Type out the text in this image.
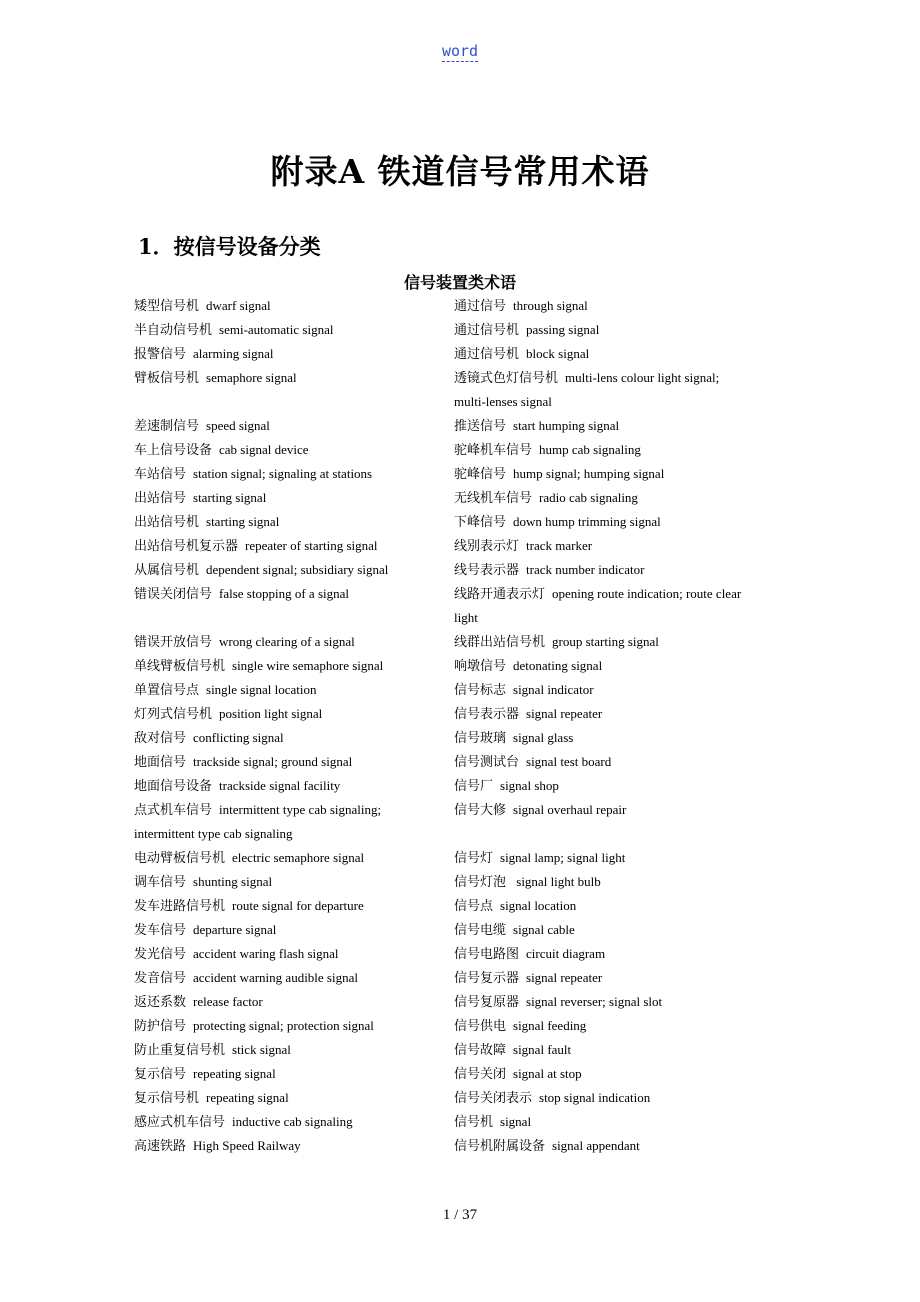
word
附录A 铁道信号常用术语
1．按信号设备分类
信号装置类术语
矮型信号机 dwarf signal
半自动信号机 semi-automatic signal
报警信号 alarming signal
臂板信号机 semaphore signal

差速制信号 speed signal
车上信号设备 cab signal device
车站信号 station signal; signaling at stations
出站信号 starting signal
出站信号机 starting signal
出站信号机复示器 repeater of starting signal
从属信号机 dependent signal; subsidiary signal
错误关闭信号 false stopping of a signal

错误开放信号 wrong clearing of a signal
单线臂板信号机 single wire semaphore signal
单置信号点 single signal location
灯列式信号机 position light signal
敌对信号 conflicting signal
地面信号 trackside signal; ground signal
地面信号设备 trackside signal facility
点式机车信号 intermittent type cab signaling; intermittent type cab signaling
电动臂板信号机 electric semaphore signal
调车信号 shunting signal
发车进路信号机 route signal for departure
发车信号 departure signal
发光信号 accident waring flash signal
发音信号 accident warning audible signal
返还系数 release factor
防护信号 protecting signal; protection signal
防止重复信号机 stick signal
复示信号 repeating signal
复示信号机 repeating signal
感应式机车信号 inductive cab signaling
高速铁路 High Speed Railway
通过信号 through signal
通过信号机 passing signal
通过信号机 block signal
透镜式色灯信号机 multi-lens colour light signal; multi-lenses signal
推送信号 start humping signal
驼峰机车信号 hump cab signaling
驼峰信号 hump signal; humping signal
无线机车信号 radio cab signaling
下峰信号 down hump trimming signal
线别表示灯 track marker
线号表示器 track number indicator
线路开通表示灯 opening route indication; route clear light
线群出站信号机 group starting signal
响墩信号 detonating signal
信号标志 signal indicator
信号表示器 signal repeater
信号玻璃 signal glass
信号测试台 signal test board
信号厂 signal shop
信号大修 signal overhaul repair

信号灯 signal lamp; signal light
信号灯泡 signal light bulb
信号点 signal location
信号电缆 signal cable
信号电路图 circuit diagram
信号复示器 signal repeater
信号复原器 signal reverser; signal slot
信号供电 signal feeding
信号故障 signal fault
信号关闭 signal at stop
信号关闭表示 stop signal indication
信号机 signal
信号机附属设备 signal appendant
1 / 37
